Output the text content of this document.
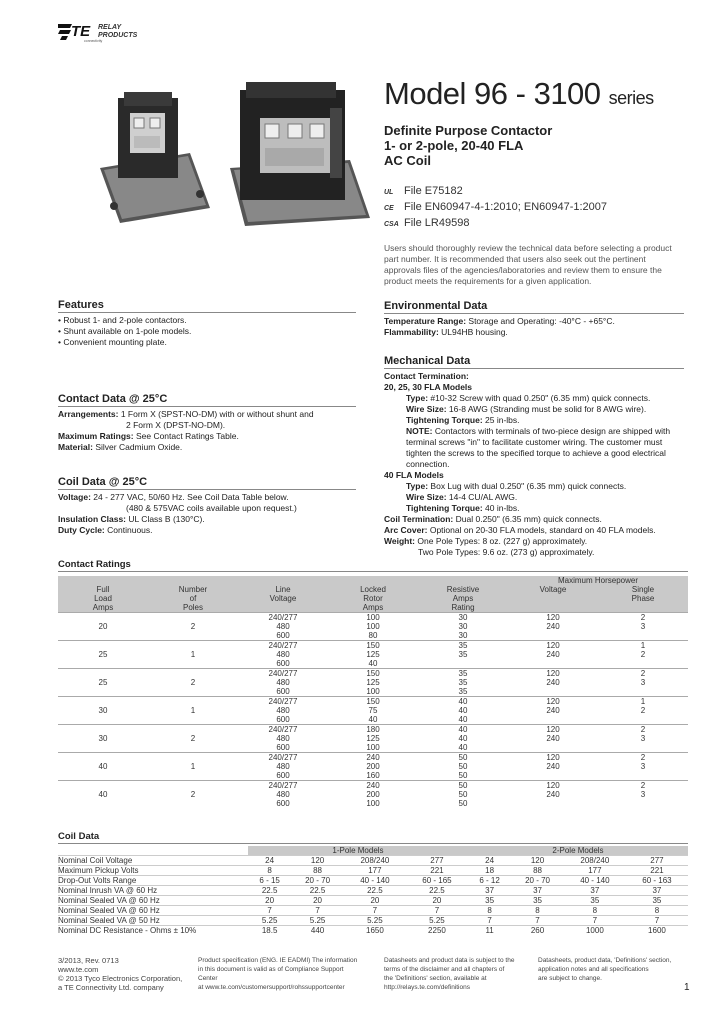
TE RELAY PRODUCTS
connectivity
Model 96 - 3100 series
Definite Purpose Contactor
1- or 2-pole, 20-40 FLA
AC Coil
UL File E75182
CE File EN60947-4-1:2010; EN60947-1:2007
CSA File LR49598
Users should thoroughly review the technical data before selecting a product part number. It is recommended that users also seek out the pertinent approvals files of the agencies/laboratories and review them to ensure the product meets the requirements for a given application.
Features
• Robust 1- and 2-pole contactors.
• Shunt available on 1-pole models.
• Convenient mounting plate.
Contact Data @ 25°C
Arrangements: 1 Form X (SPST-NO-DM) with or without shunt and
2 Form X (DPST-NO-DM).
Maximum Ratings: See Contact Ratings Table.
Material: Silver Cadmium Oxide.
Coil Data @ 25°C
Voltage: 24 - 277 VAC, 50/60 Hz. See Coil Data Table below.
(480 & 575VAC coils available upon request.)
Insulation Class: UL Class B (130°C).
Duty Cycle: Continuous.
Environmental Data
Temperature Range: Storage and Operating: -40°C - +65°C.
Flammability: UL94HB housing.
Mechanical Data
Contact Termination:
20, 25, 30 FLA Models
Type: #10-32 Screw with quad 0.250" (6.35 mm) quick connects.
Wire Size: 16-8 AWG (Stranding must be solid for 8 AWG wire).
Tightening Torque: 25 in-lbs.
NOTE: Contactors with terminals of two-piece design are shipped with terminal screws "in" to facilitate customer wiring. The customer must tighten the screws to the specified torque to achieve a good electrical connection.
40 FLA Models
Type: Box Lug with dual 0.250" (6.35 mm) quick connects.
Wire Size: 14-4 CU/AL AWG.
Tightening Torque: 40 in-lbs.
Coil Termination: Dual 0.250" (6.35 mm) quick connects.
Arc Cover: Optional on 20-30 FLA models, standard on 40 FLA models.
Weight: One Pole Types: 8 oz. (227 g) approximately.
Two Pole Types: 9.6 oz. (273 g) approximately.
Contact Ratings
					Maximum Horsepower	
Full
Load
Amps	Number
of
Poles	Line
Voltage	Locked
Rotor
Amps	Resistive
Amps
Rating	Voltage	Single
Phase
		240/277	100	30	120	2
20	2	480	100	30	240	3
		600	80	30		
		240/277	150	35	120	1
25	1	480	125	35	240	2
		600	40			
		240/277	150	35	120	2
25	2	480	125	35	240	3
		600	100	35		
		240/277	150	40	120	1
30	1	480	75	40	240	2
		600	40	40		
		240/277	180	40	120	2
30	2	480	125	40	240	3
		600	100	40		
		240/277	240	50	120	2
40	1	480	200	50	240	3
		600	160	50		
		240/277	240	50	120	2
40	2	480	200	50	240	3
		600	100	50		
Coil Data
	1-Pole Models				2-Pole Models			
Nominal Coil Voltage	24	120	208/240	277	24	120	208/240	277
Maximum Pickup Volts	8	88	177	221	18	88	177	221
Drop-Out Volts Range	6 - 15	20 - 70	40 - 140	60 - 165	6 - 12	20 - 70	40 - 140	60 - 163
Nominal Inrush VA @ 60 Hz	22.5	22.5	22.5	22.5	37	37	37	37
Nominal Sealed VA @ 60 Hz	20	20	20	20	35	35	35	35
Nominal Sealed VA @ 60 Hz	7	7	7	7	8	8	8	8
Nominal Sealed VA @ 50 Hz	5.25	5.25	5.25	5.25	7	7	7	7
Nominal DC Resistance - Ohms ± 10%	18.5	440	1650	2250	11	260	1000	1600
3/2013, Rev. 0713
www.te.com
© 2013 Tyco Electronics Corporation,
a TE Connectivity Ltd. company
Product specification (ENG. IE EADMI) The information
in this document is valid as of Compliance Support Center
at www.te.com/customersupport/rohssupportcenter
Datasheets and product data is subject to the
terms of the disclaimer and all chapters of
the 'Definitions' section, available at
http://relays.te.com/definitions
Datasheets, product data, 'Definitions' section,
application notes and all specifications
are subject to change.
1
